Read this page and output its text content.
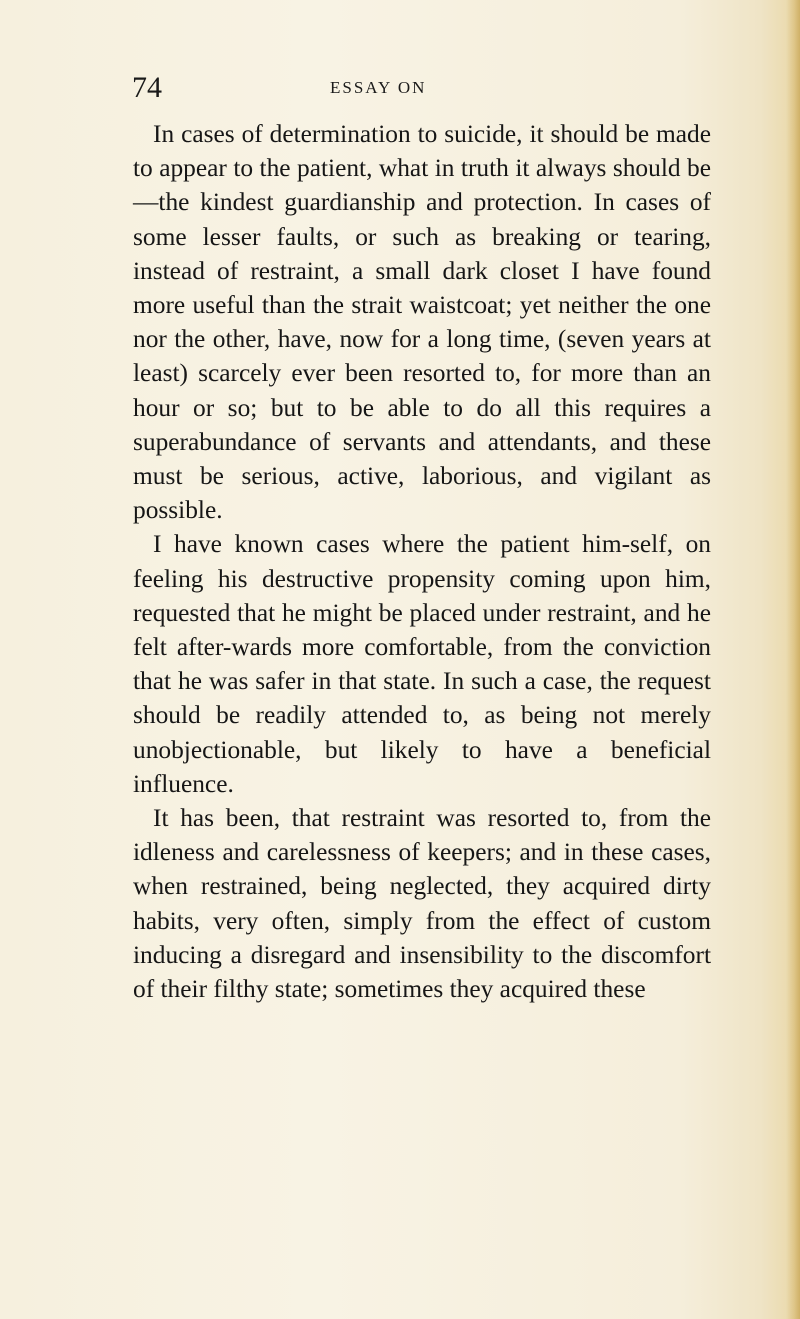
74	ESSAY ON

In cases of determination to suicide, it should be made to appear to the patient, what in truth it always should be—the kindest guardianship and protection. In cases of some lesser faults, or such as breaking or tearing, instead of restraint, a small dark closet I have found more useful than the strait waistcoat; yet neither the one nor the other, have, now for a long time, (seven years at least) scarcely ever been resorted to, for more than an hour or so; but to be able to do all this requires a superabundance of servants and attendants, and these must be serious, active, laborious, and vigilant as possible.

I have known cases where the patient him-self, on feeling his destructive propensity coming upon him, requested that he might be placed under restraint, and he felt after-wards more comfortable, from the conviction that he was safer in that state. In such a case, the request should be readily attended to, as being not merely unobjectionable, but likely to have a beneficial influence.

It has been, that restraint was resorted to, from the idleness and carelessness of keepers; and in these cases, when restrained, being neglected, they acquired dirty habits, very often, simply from the effect of custom inducing a disregard and insensibility to the discomfort of their filthy state; sometimes they acquired these
